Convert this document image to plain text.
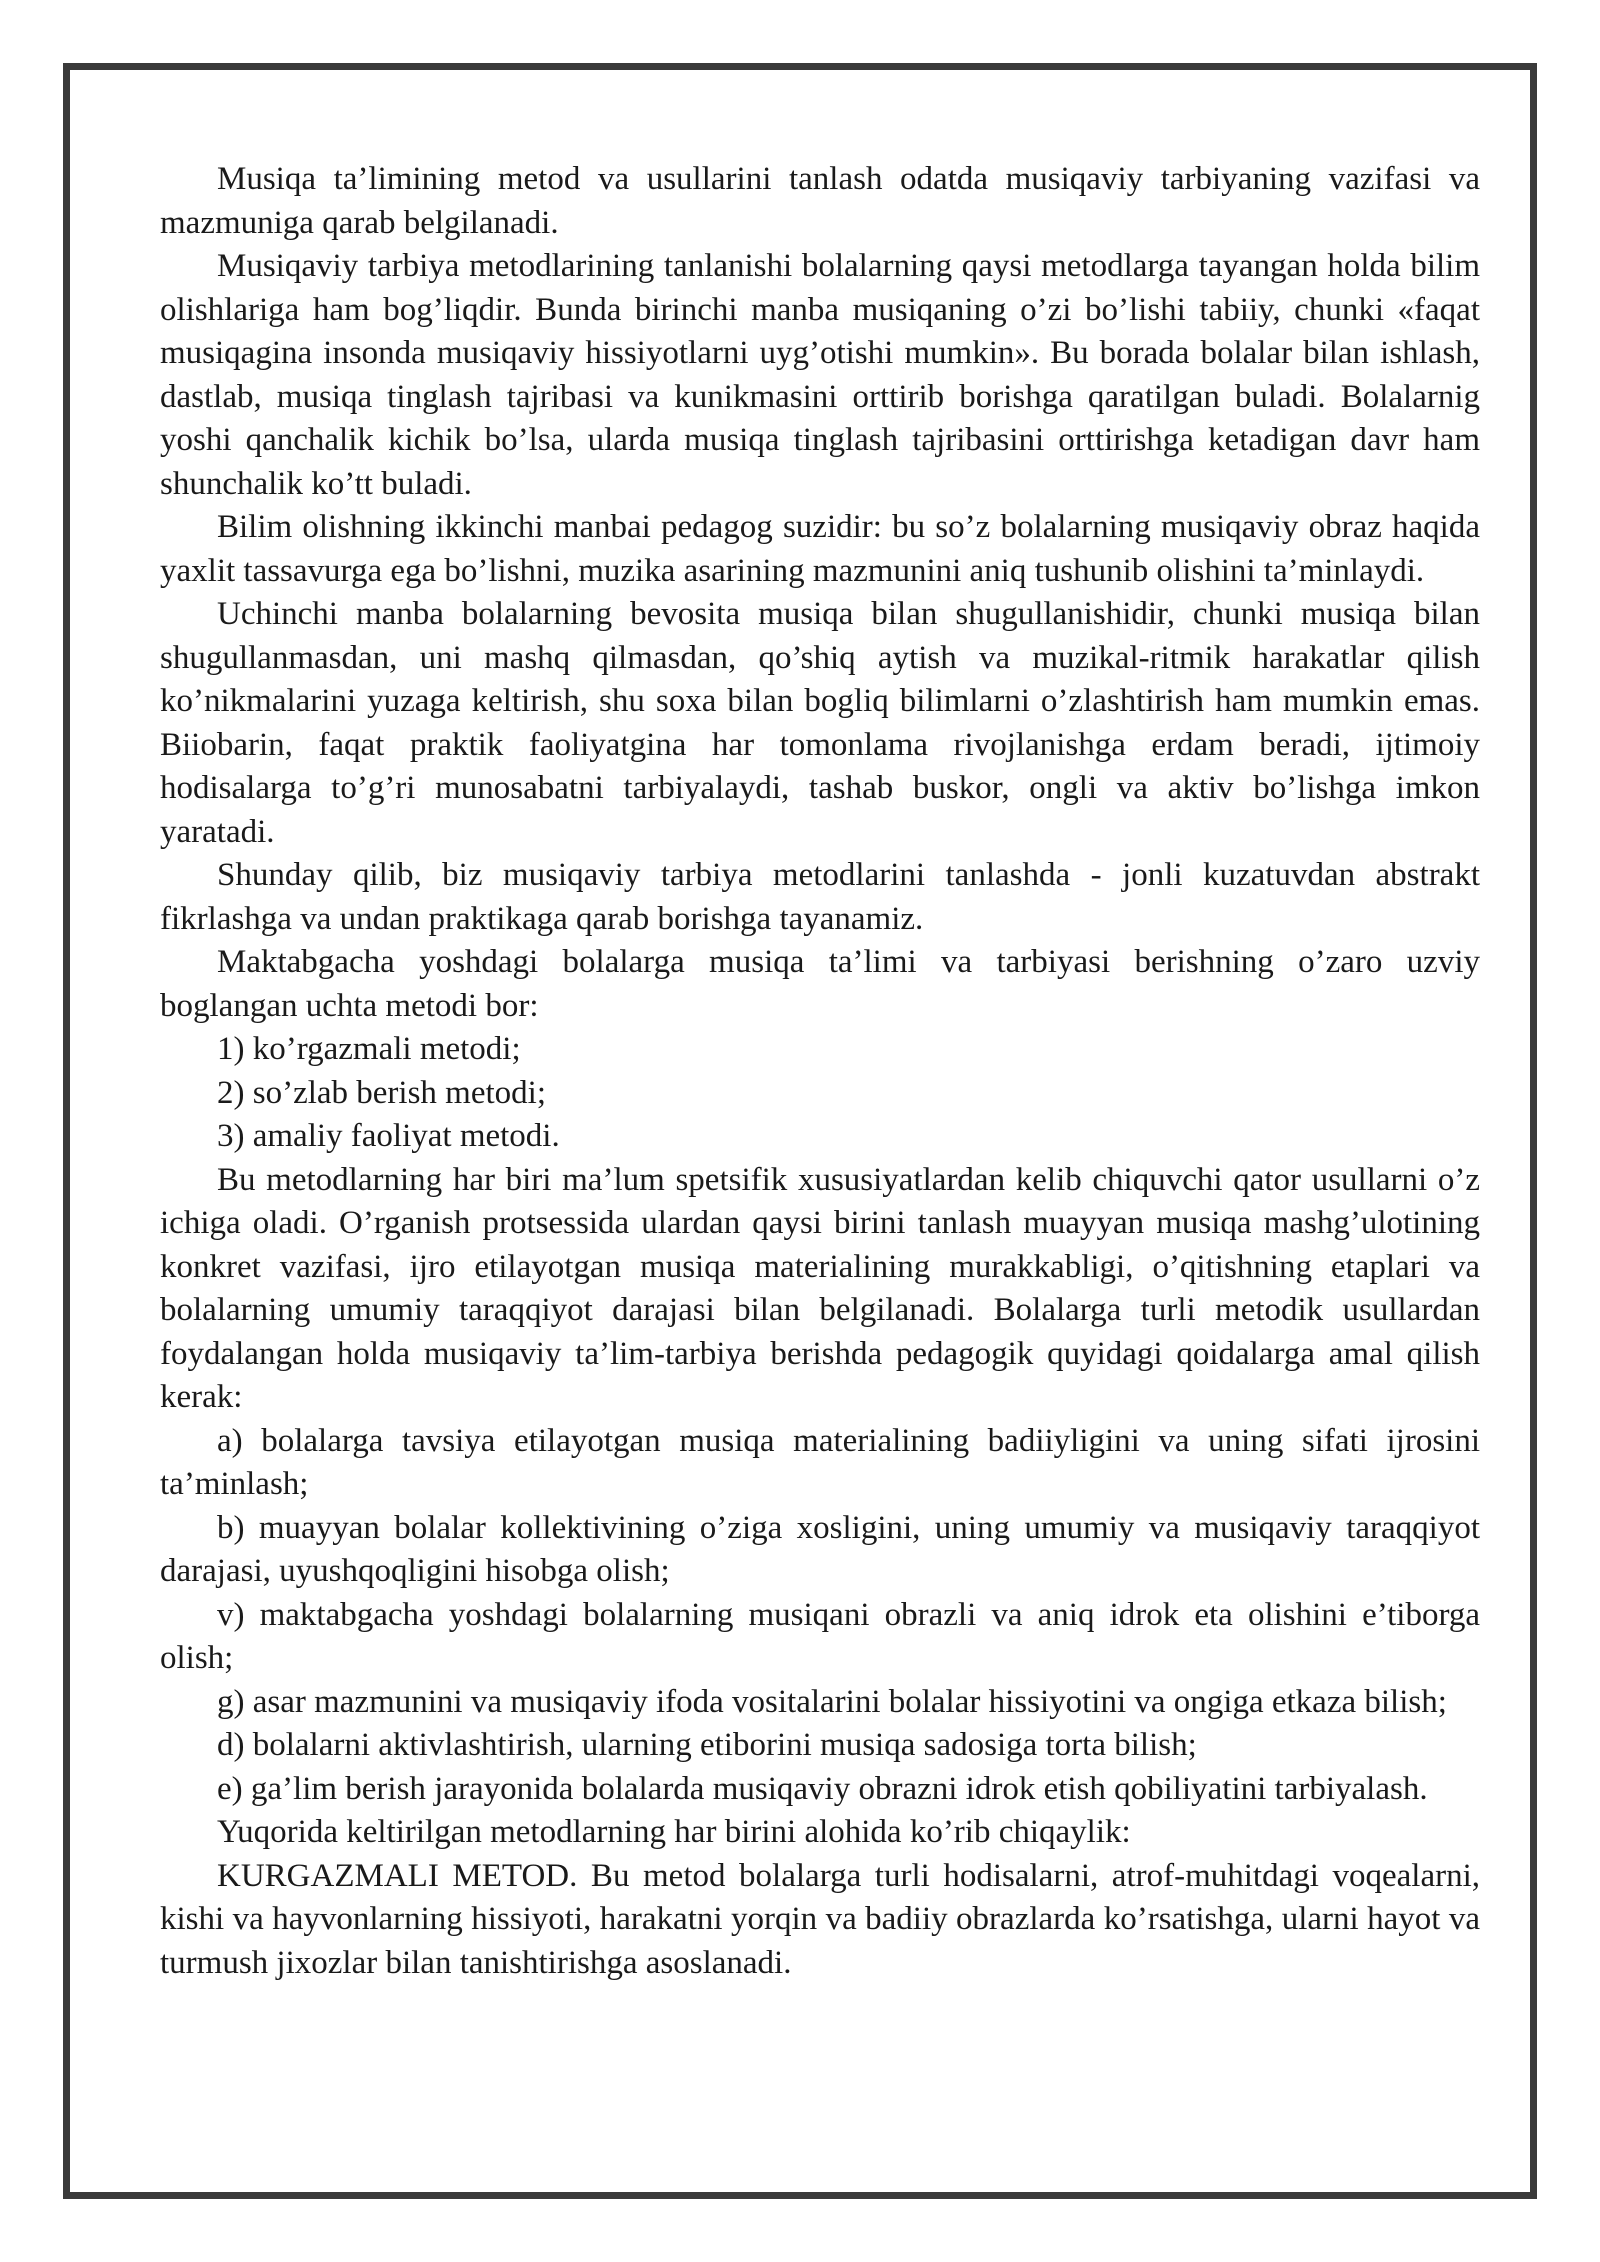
Musiqa ta’limining metod va usullarini tanlash odatda musiqaviy tarbiyaning vazifasi va mazmuniga qarab belgilanadi.

Musiqaviy tarbiya metodlarining tanlanishi bolalarning qaysi metodlarga tayangan holda bilim olishlariga ham bog’liqdir. Bunda birinchi manba musiqaning o’zi bo’lishi tabiiy, chunki «faqat musiqagina insonda musiqaviy hissiyotlarni uyg’otishi mumkin». Bu borada bolalar bilan ishlash, dastlab, musiqa tinglash tajribasi va kunikmasini orttirib borishga qaratilgan buladi. Bolalarnig yoshi qanchalik kichik bo’lsa, ularda musiqa tinglash tajribasini orttirishga ketadigan davr ham shunchalik ko’tt buladi.

Bilim olishning ikkinchi manbai pedagog suzidir: bu so’z bolalarning musiqaviy obraz haqida yaxlit tassavurga ega bo’lishni, muzika asarining mazmunini aniq tushunib olishini ta’minlaydi.

Uchinchi manba bolalarning bevosita musiqa bilan shugullanishidir, chunki musiqa bilan shugullanmasdan, uni mashq qilmasdan, qo’shiq aytish va muzikal-ritmik harakatlar qilish ko’nikmalarini yuzaga keltirish, shu soxa bilan bogliq bilimlarni o’zlashtirish ham mumkin emas. Biiobarin, faqat praktik faoliyatgina har tomonlama rivojlanishga erdam beradi, ijtimoiy hodisalarga to’g’ri munosabatni tarbiyalaydi, tashab buskor, ongli va aktiv bo’lishga imkon yaratadi.

Shunday qilib, biz musiqaviy tarbiya metodlarini tanlashda - jonli kuzatuvdan abstrakt fikrlashga va undan praktikaga qarab borishga tayanamiz.

Maktabgacha yoshdagi bolalarga musiqa ta’limi va tarbiyasi berishning o’zaro uzviy boglangan uchta metodi bor:

1) ko’rgazmali metodi;

2) so’zlab berish metodi;

3) amaliy faoliyat metodi.

Bu metodlarning har biri ma’lum spetsifik xususiyatlardan kelib chiquvchi qator usullarni o’z ichiga oladi. O’rganish protsessida ulardan qaysi birini tanlash muayyan musiqa mashg’ulotining konkret vazifasi, ijro etilayotgan musiqa materialining murakkabligi, o’qitishning etaplari va bolalarning umumiy taraqqiyot darajasi bilan belgilanadi. Bolalarga turli metodik usullardan foydalangan holda musiqaviy ta’lim-tarbiya berishda pedagogik quyidagi qoidalarga amal qilish kerak:

a) bolalarga tavsiya etilayotgan musiqa materialining badiiyligini va uning sifati ijrosini ta’minlash;

b) muayyan bolalar kollektivining o’ziga xosligini, uning umumiy va musiqaviy taraqqiyot darajasi, uyushqoqligini hisobga olish;

v) maktabgacha yoshdagi bolalarning musiqani obrazli va aniq idrok eta olishini e’tiborga olish;

g) asar mazmunini va musiqaviy ifoda vositalarini bolalar hissiyotini va ongiga etkaza bilish;

d) bolalarni aktivlashtirish, ularning etiborini musiqa sadosiga torta bilish;

e) ga’lim berish jarayonida bolalarda musiqaviy obrazni idrok etish qobiliyatini tarbiyalash.

Yuqorida keltirilgan metodlarning har birini alohida ko’rib chiqaylik:

KURGAZMALI METOD. Bu metod bolalarga turli hodisalarni, atrof-muhitdagi voqealarni, kishi va hayvonlarning hissiyoti, harakatni yorqin va badiiy obrazlarda ko’rsatishga, ularni hayot va turmush jixozlar bilan tanishtirishga asoslanadi.
